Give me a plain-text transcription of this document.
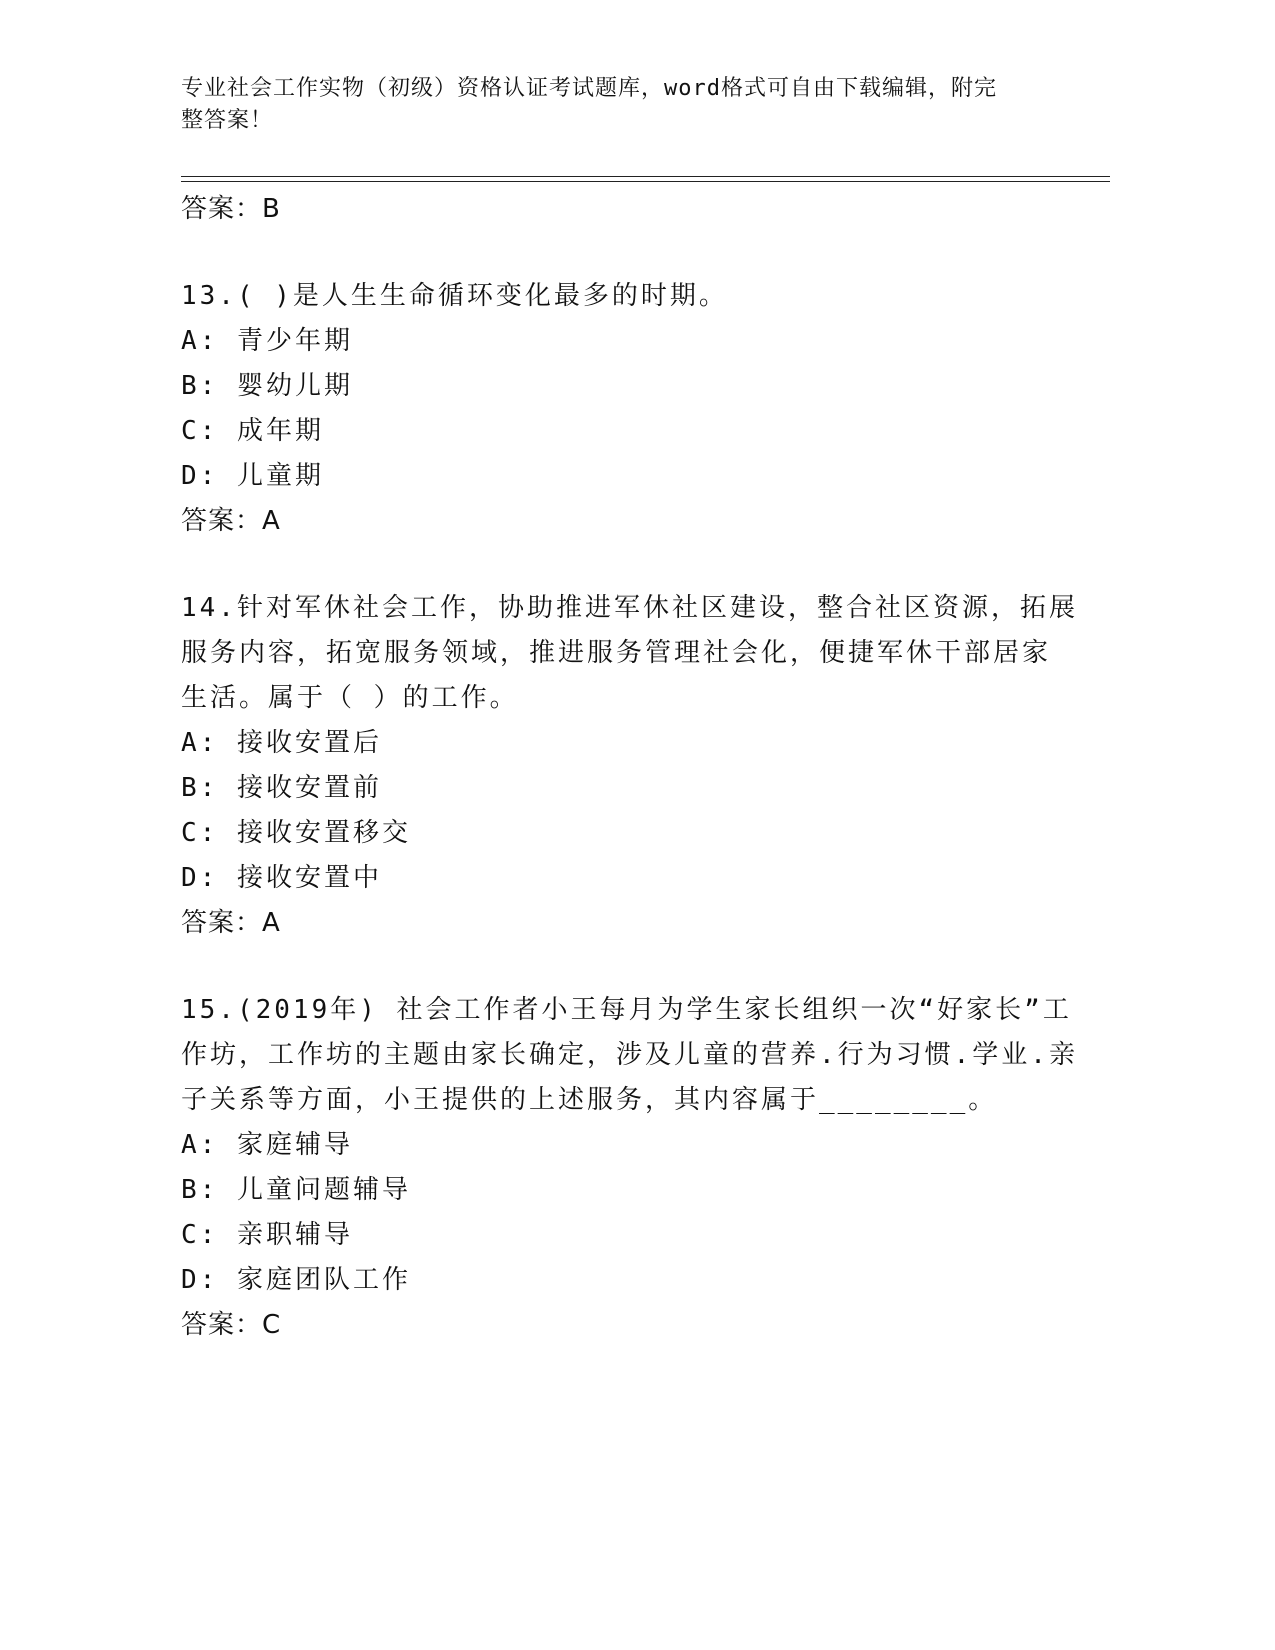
专业社会工作实物（初级）资格认证考试题库，word格式可自由下载编辑，附完
整答案！
答案：B
13.( )是人生生命循环变化最多的时期。
A: 青少年期
B: 婴幼儿期
C: 成年期
D: 儿童期
答案：A
14.针对军休社会工作，协助推进军休社区建设，整合社区资源，拓展
服务内容，拓宽服务领域，推进服务管理社会化，便捷军休干部居家
生活。属于（ ）的工作。
A: 接收安置后
B: 接收安置前
C: 接收安置移交
D: 接收安置中
答案：A
15.(2019年) 社会工作者小王每月为学生家长组织一次“好家长”工
作坊，工作坊的主题由家长确定，涉及儿童的营养.行为习惯.学业.亲
子关系等方面，小王提供的上述服务，其内容属于________。
A: 家庭辅导
B: 儿童问题辅导
C: 亲职辅导
D: 家庭团队工作
答案：C
